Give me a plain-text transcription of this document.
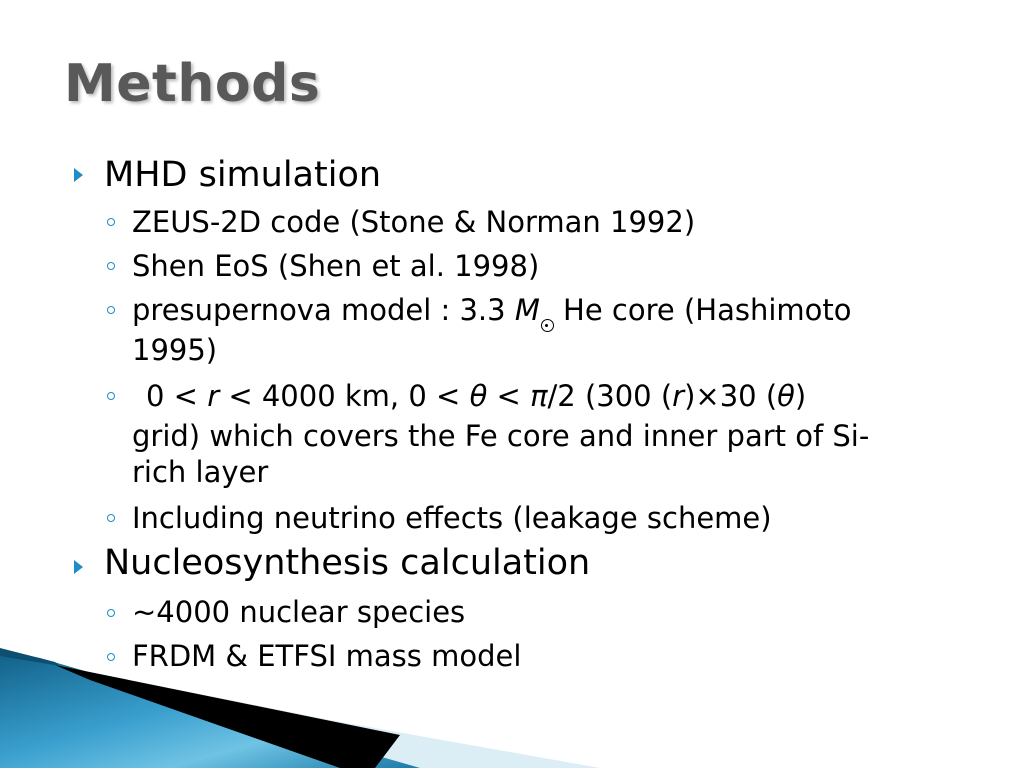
Methods
MHD simulation
ZEUS-2D code (Stone & Norman 1992)
Shen EoS (Shen et al. 1998)
presupernova model : 3.3 M He core (Hashimoto
1995)
0 < r < 4000 km, 0 < θ < π/2 (300 (r)×30 (θ)
grid) which covers the Fe core and inner part of Si-
rich layer
Including neutrino effects (leakage scheme)
Nucleosynthesis calculation
~4000 nuclear species
FRDM & ETFSI mass model
